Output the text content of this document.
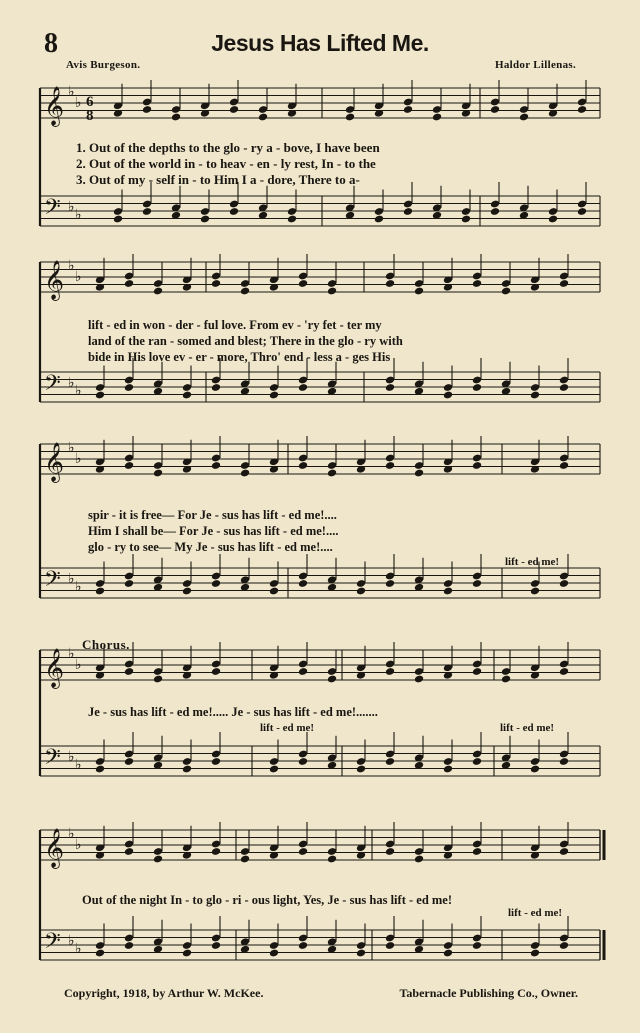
8	Jesus Has Lifted Me.
Avis Burgeson.	Haldor Lillenas.
𝄞
𝄢
♭
♭
♭
♭
𝄞
𝄢
♭
♭
♭
♭
𝄞
𝄢
♭
♭
♭
♭
𝄞
𝄢
♭
♭
♭
♭
𝄞
𝄢
♭
♭
♭
♭
6
8
1. Out of the depths to the glo - ry a - bove, I have been
2. Out of the world in - to heav - en - ly rest, In - to the
3. Out of my - self in - to Him I a - dore, There to a-
lift - ed in won - der - ful love. From ev - 'ry fet - ter my
land of the ran - somed and blest; There in the glo - ry with
bide in His love ev - er - more, Thro' end - less a - ges His
spir - it is free— For Je - sus has lift - ed me!....
Him I shall be— For Je - sus has lift - ed me!....
glo - ry to see— My Je - sus has lift - ed me!....
lift - ed me!
Chorus.
Je - sus has lift - ed me!..... Je - sus has lift - ed me!.......
lift - ed me!	lift - ed me!
Out of the night In - to glo - ri - ous light, Yes, Je - sus has lift - ed me!
lift - ed me!
Copyright, 1918, by Arthur W. McKee.	Tabernacle Publishing Co., Owner.
